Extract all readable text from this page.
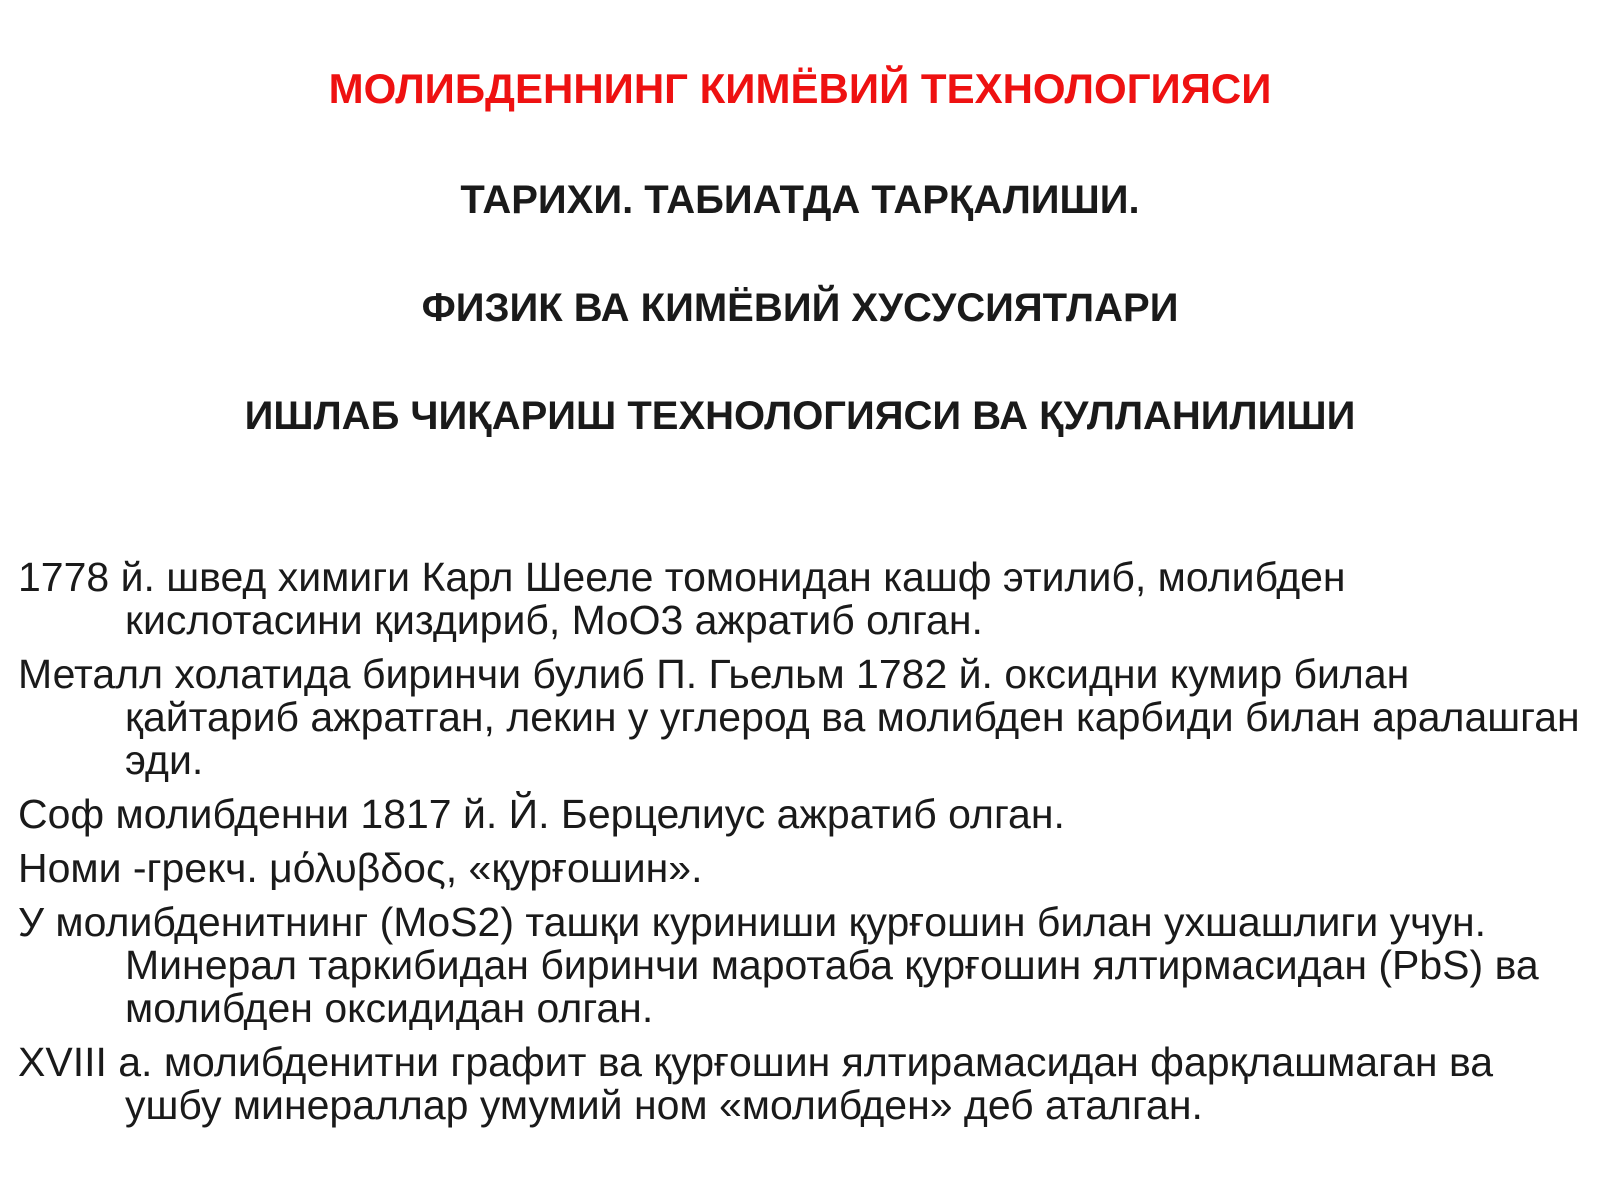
МОЛИБДЕННИНГ КИМЁВИЙ ТЕХНОЛОГИЯСИ
ТАРИХИ. ТАБИАТДА ТАРҚАЛИШИ.
ФИЗИК ВА КИМЁВИЙ ХУСУСИЯТЛАРИ
ИШЛАБ ЧИҚАРИШ ТЕХНОЛОГИЯСИ ВА ҚУЛЛАНИЛИШИ

1778 й. швед химиги Карл Шееле томонидан кашф этилиб, молибден кислотасини қиздириб, MoO3 ажратиб олган.

Металл холатида биринчи булиб П. Гьельм 1782 й. оксидни кумир билан қайтариб ажратган, лекин у углерод ва молибден карбиди билан аралашган эди.

Соф молибденни 1817 й. Й. Берцелиус ажратиб олган.

Номи -грекч. μόλυβδος, «қурғошин».

У молибденитнинг (MoS2) ташқи куриниши қурғошин билан ухшашлиги учун. Минерал таркибидан биринчи маротаба қурғошин ялтирмасидан (PbS) ва молибден оксидидан олган.

XVIII а. молибденитни графит ва қурғошин ялтирамасидан фарқлашмаган ва ушбу минераллар умумий ном «молибден» деб аталган.
